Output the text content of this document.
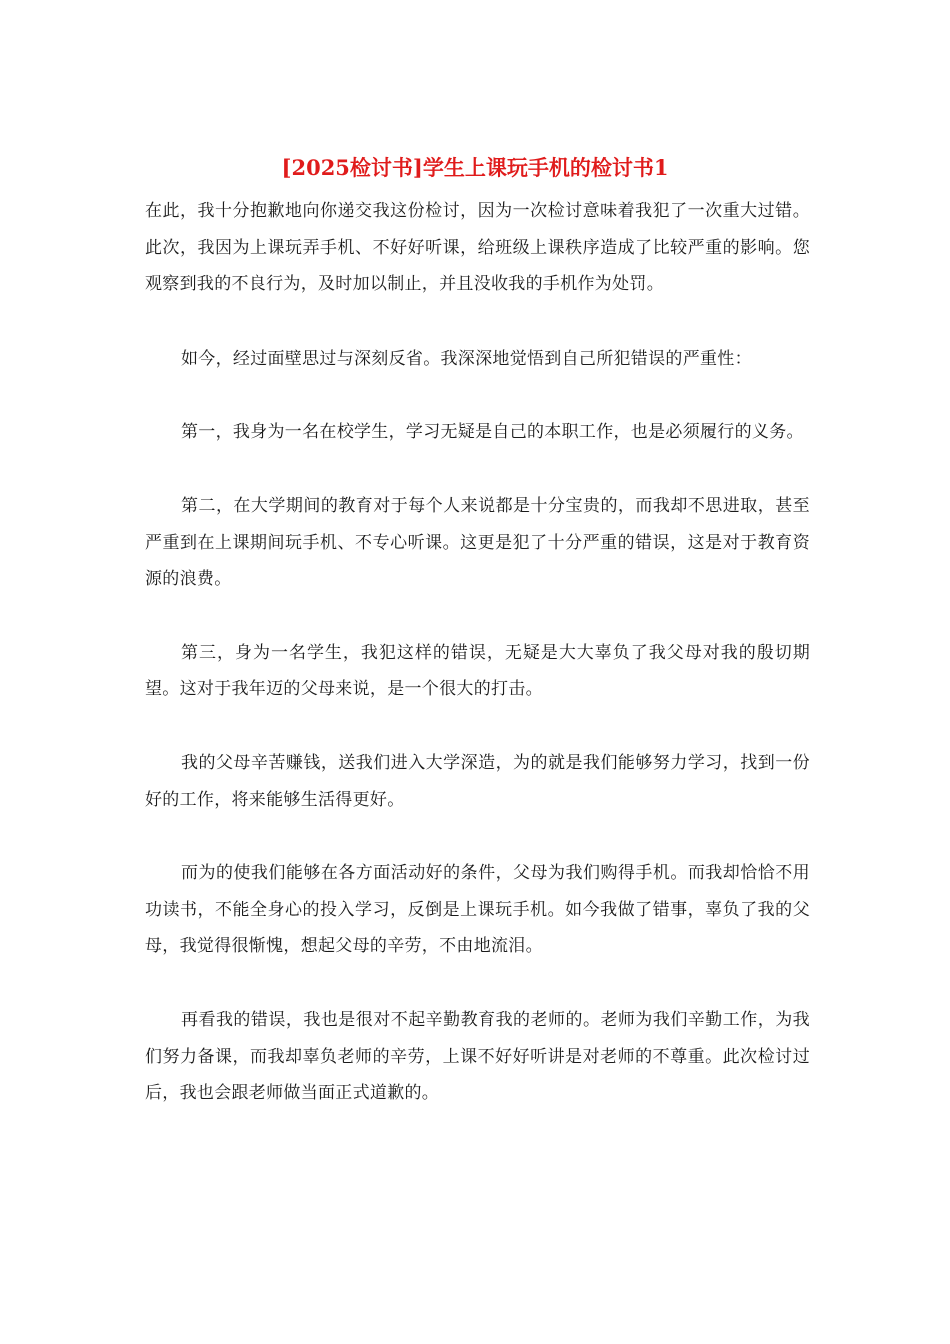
[2025检讨书]学生上课玩手机的检讨书1

在此，我十分抱歉地向你递交我这份检讨，因为一次检讨意味着我犯了一次重大过错。此次，我因为上课玩弄手机、不好好听课，给班级上课秩序造成了比较严重的影响。您观察到我的不良行为，及时加以制止，并且没收我的手机作为处罚。

如今，经过面壁思过与深刻反省。我深深地觉悟到自己所犯错误的严重性：

第一，我身为一名在校学生，学习无疑是自己的本职工作，也是必须履行的义务。

第二，在大学期间的教育对于每个人来说都是十分宝贵的，而我却不思进取，甚至严重到在上课期间玩手机、不专心听课。这更是犯了十分严重的错误，这是对于教育资源的浪费。

第三，身为一名学生，我犯这样的错误，无疑是大大辜负了我父母对我的殷切期望。这对于我年迈的父母来说，是一个很大的打击。

我的父母辛苦赚钱，送我们进入大学深造，为的就是我们能够努力学习，找到一份好的工作，将来能够生活得更好。

而为的使我们能够在各方面活动好的条件，父母为我们购得手机。而我却恰恰不用功读书，不能全身心的投入学习，反倒是上课玩手机。如今我做了错事，辜负了我的父母，我觉得很惭愧，想起父母的辛劳，不由地流泪。

再看我的错误，我也是很对不起辛勤教育我的老师的。老师为我们辛勤工作，为我们努力备课，而我却辜负老师的辛劳，上课不好好听讲是对老师的不尊重。此次检讨过后，我也会跟老师做当面正式道歉的。
